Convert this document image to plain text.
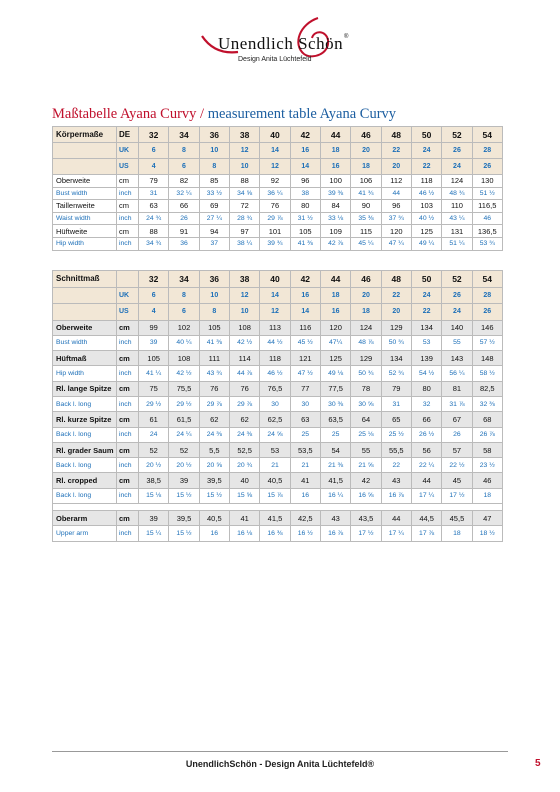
Unendlich Schön
Design Anita Lüchtefeld
®
Maßtabelle Ayana Curvy / measurement table Ayana Curvy
Körpermaße	DE	32	34	36	38	40	42	44	46	48	50	52	54
	UK	6	8	10	12	14	16	18	20	22	24	26	28
	US	4	6	8	10	12	14	16	18	20	22	24	26
Oberweite	cm	79	82	85	88	92	96	100	106	112	118	124	130
Bust width	inch	31	32 ¼	33 ½	34 ⅝	36 ¼	38	39 ⅜	41 ¾	44	46 ½	48 ¾	51 ½
Taillenweite	cm	63	66	69	72	76	80	84	90	96	103	110	116,5
Waist width	inch	24 ¾	26	27 ¼	28 ¾	29 ⅞	31 ½	33 ⅛	35 ⅜	37 ¾	40 ½	43 ¼	46
Hüftweite	cm	88	91	94	97	101	105	109	115	120	125	131	136,5
Hip width	inch	34 ¾	36	37	38 ¼	39 ¾	41 ⅜	42 ⅞	45 ¼	47 ¼	49 ¼	51 ¼	53 ¾
Schnittmaß		32	34	36	38	40	42	44	46	48	50	52	54
	UK	6	8	10	12	14	16	18	20	22	24	26	28
	US	4	6	8	10	12	14	16	18	20	22	24	26
Oberweite	cm	99	102	105	108	113	116	120	124	129	134	140	146
Bust width	inch	39	40 ¼	41 ⅜	42 ½	44 ½	45 ½	47¼	48 ⅞	50 ¾	53	55	57 ½
Hüftmaß	cm	105	108	111	114	118	121	125	129	134	139	143	148
Hip width	inch	41 ¼	42 ½	43 ¾	44 ⅞	46 ½	47 ½	49 ⅛	50 ¾	52 ¾	54 ½	56 ¼	58 ½
Rl. lange Spitze	cm	75	75,5	76	76	76,5	77	77,5	78	79	80	81	82,5
Back l. long	inch	29 ½	29 ½	29 ⅞	29 ⅞	30	30	30 ⅜	30 ⅝	31	32	31 ⅞	32 ⅜
Rl. kurze Spitze	cm	61	61,5	62	62	62,5	63	63,5	64	65	66	67	68
Back l. long	inch	24	24 ¼	24 ⅜	24 ⅜	24 ⅝	25	25	25 ⅛	25 ½	26 ½	26	26 ⅞
Rl. grader Saum	cm	52	52	5,5	52,5	53	53,5	54	55	55,5	56	57	58
Back l. long	inch	20 ½	20 ½	20 ⅝	20 ¾	21	21	21 ⅜	21 ⅝	22	22 ¼	22 ½	23 ½
Rl. cropped	cm	38,5	39	39,5	40	40,5	41	41,5	42	43	44	45	46
Back l. long	inch	15 ⅛	15 ½	15 ½	15 ⅝	15 ⅞	16	16 ¼	16 ⅝	16 ⅞	17 ¼	17 ½	18

Oberarm	cm	39	39,5	40,5	41	41,5	42,5	43	43,5	44	44,5	45,5	47
Upper arm	inch	15 ¼	15 ½	16	16 ⅛	16 ⅜	16 ½	16 ⅞	17 ½	17 ¼	17 ⅞	18	18 ½
UnendlichSchön - Design Anita Lüchtefeld®	5
